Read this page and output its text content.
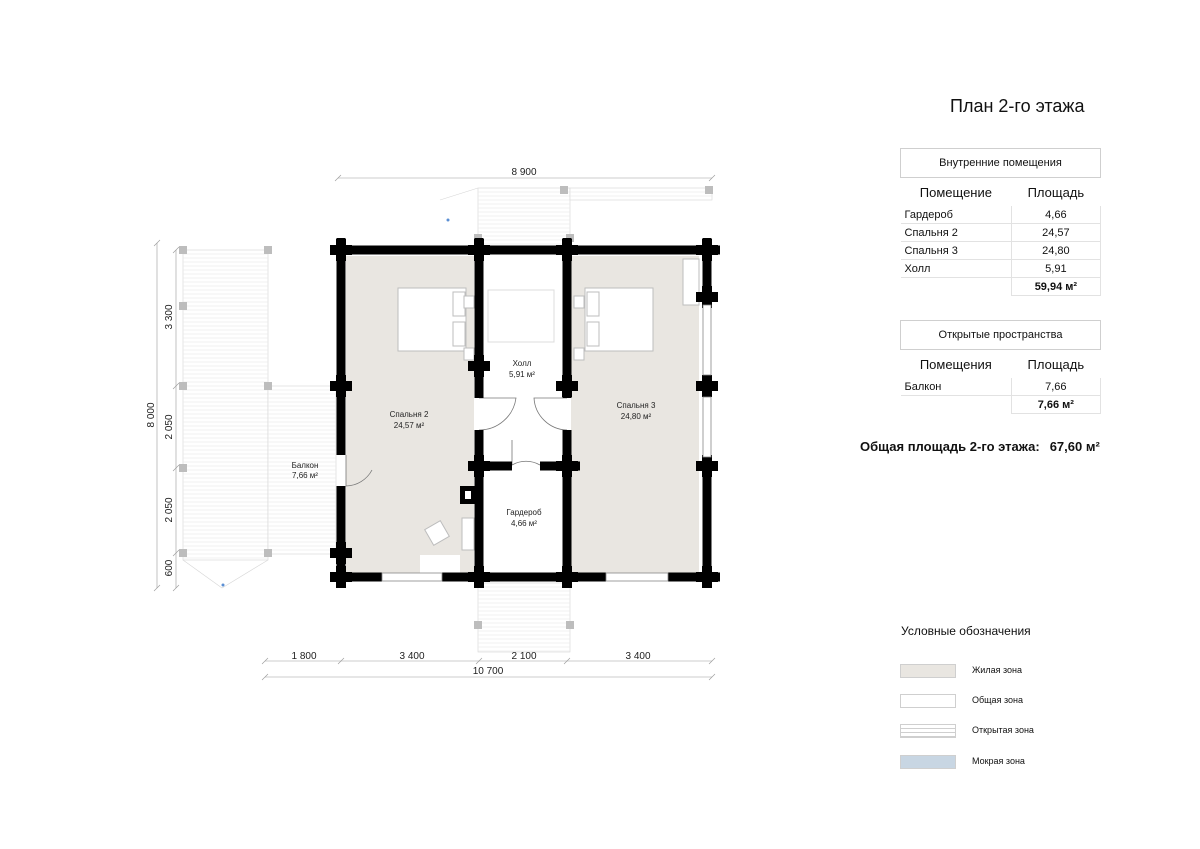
Холл
5,91 м²
Спальня 2
24,57 м²
Спальня 3
24,80 м²
Балкон
7,66 м²
Гардероб
4,66 м²
8 900
8 000
3 300
2 050
2 050
600
1 800	3 400	2 100	3 400
10 700
План 2-го этажа
Внутренние помещения	
Помещение	Площадь
Гардероб	4,66
Спальня 2	24,57
Спальня 3	24,80
Холл	5,91
	59,94 м²
Открытые пространства	
Помещения	Площадь
Балкон	7,66
	7,66 м²
Общая площадь 2-го этажа: 67,60 м²
Условные обозначения
Жилая зона
Общая зона
Открытая зона
Мокрая зона
